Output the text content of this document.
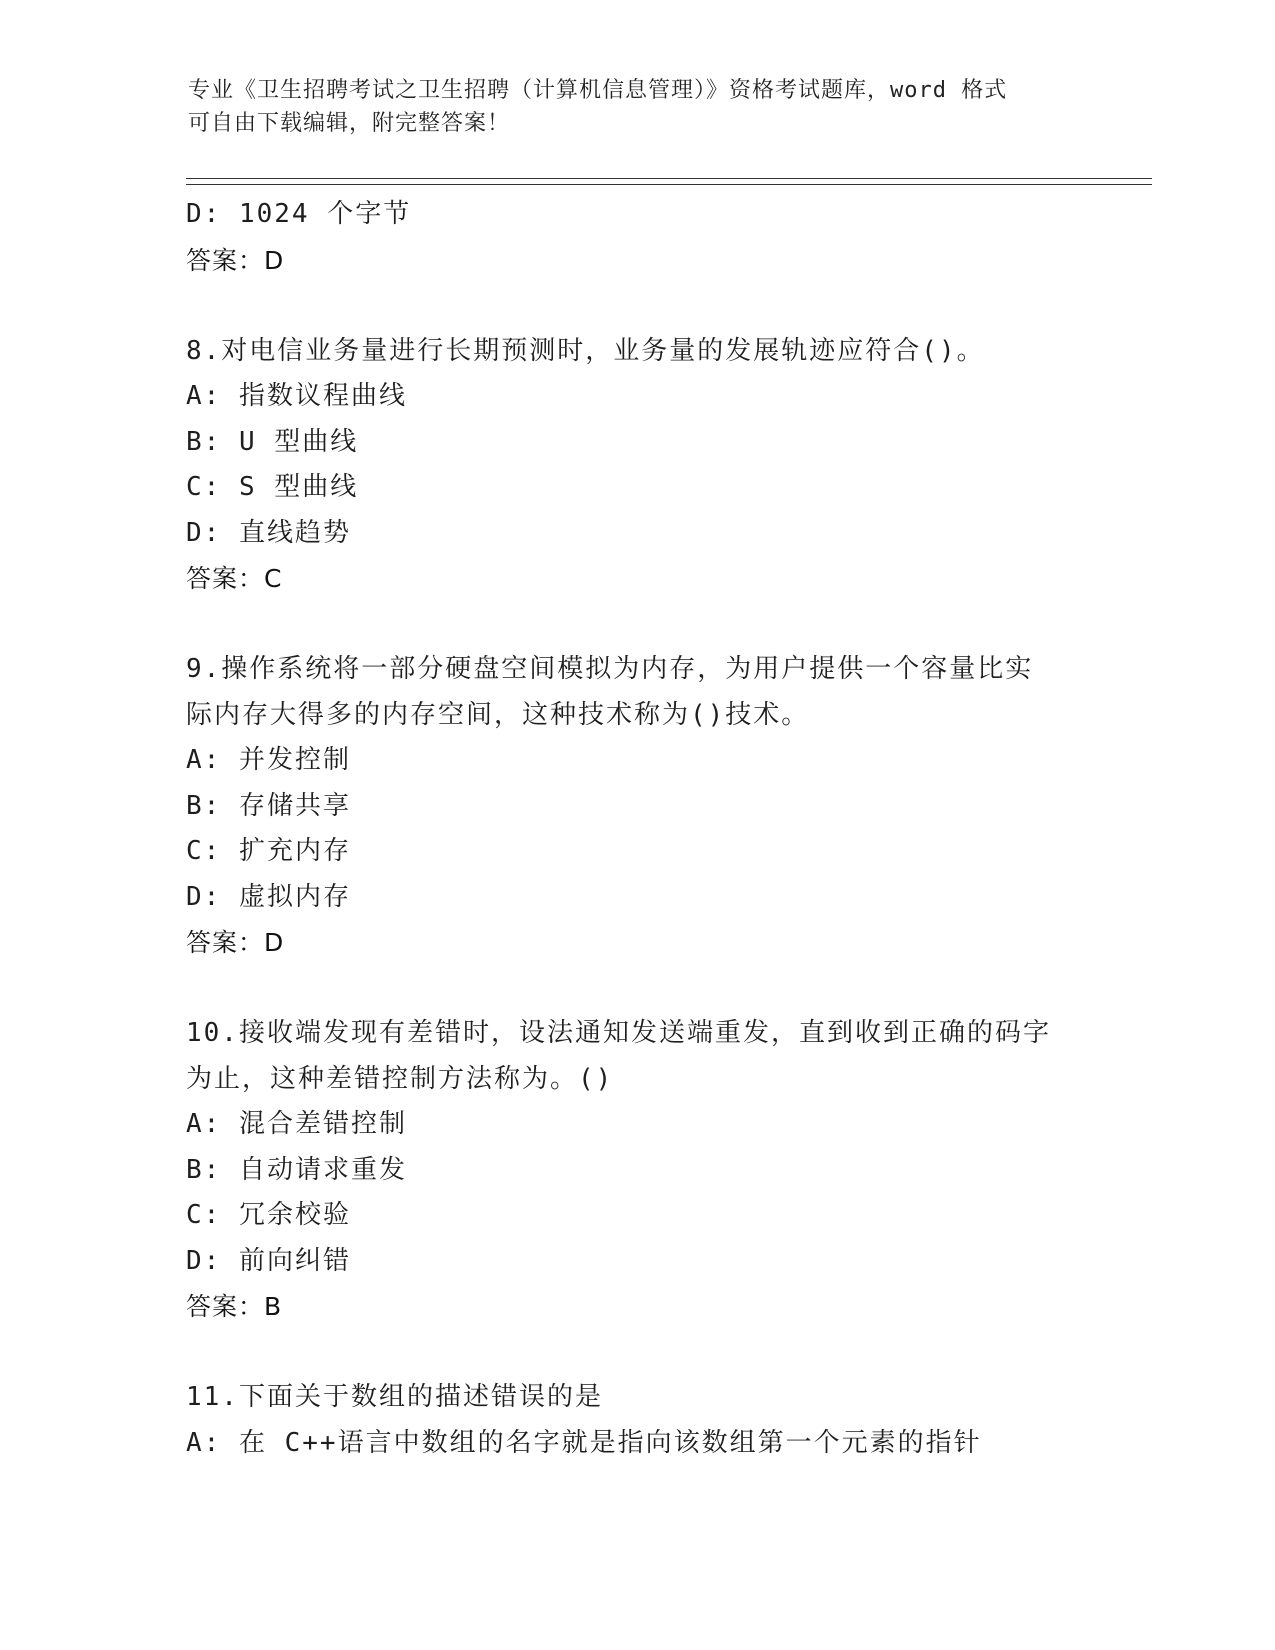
专业《卫生招聘考试之卫生招聘（计算机信息管理）》资格考试题库，word 格式
可自由下载编辑，附完整答案！
D: 1024 个字节
答案：D
8.对电信业务量进行长期预测时，业务量的发展轨迹应符合()。
A: 指数议程曲线
B: U 型曲线
C: S 型曲线
D: 直线趋势
答案：C
9.操作系统将一部分硬盘空间模拟为内存，为用户提供一个容量比实
际内存大得多的内存空间，这种技术称为()技术。
A: 并发控制
B: 存储共享
C: 扩充内存
D: 虚拟内存
答案：D
10.接收端发现有差错时，设法通知发送端重发，直到收到正确的码字
为止，这种差错控制方法称为。()
A: 混合差错控制
B: 自动请求重发
C: 冗余校验
D: 前向纠错
答案：B
11.下面关于数组的描述错误的是
A: 在 C++语言中数组的名字就是指向该数组第一个元素的指针
